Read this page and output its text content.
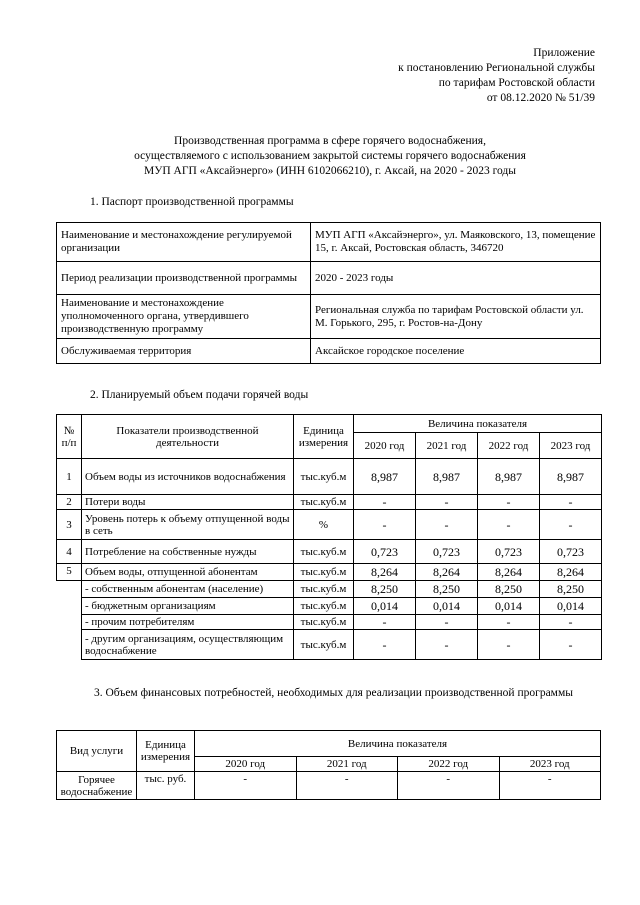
Приложение
к постановлению Региональной службы
по тарифам Ростовской области
от 08.12.2020 № 51/39
Производственная программа в сфере горячего водоснабжения,
осуществляемого с использованием закрытой системы горячего водоснабжения
МУП АГП «Аксайэнерго» (ИНН 6102066210), г. Аксай, на 2020 - 2023 годы
1. Паспорт производственной программы
Наименование и местонахождение регулируемой организации	МУП АГП «Аксайэнерго», ул. Маяковского, 13, помещение 15, г. Аксай, Ростовская область, 346720
Период реализации производственной программы	2020 - 2023 годы
Наименование и местонахождение уполномоченного органа, утвердившего производственную программу	Региональная служба по тарифам Ростовской области ул. М. Горького, 295, г. Ростов-на-Дону
Обслуживаемая территория	Аксайское городское поселение
2. Планируемый объем подачи горячей воды
№ п/п	Показатели производственной деятельности	Единица измерения	Величина показателя			
			2020 год	2021 год	2022 год	2023 год
1	Объем воды из источников водоснабжения	тыс.куб.м	8,987	8,987	8,987	8,987
2	Потери воды	тыс.куб.м	-	-	-	-
3	Уровень потерь к объему отпущенной воды в сеть	%	-	-	-	-
4	Потребление на собственные нужды	тыс.куб.м	0,723	0,723	0,723	0,723
5	Объем воды, отпущенной абонентам	тыс.куб.м	8,264	8,264	8,264	8,264
	- собственным абонентам (население)	тыс.куб.м	8,250	8,250	8,250	8,250
	- бюджетным организациям	тыс.куб.м	0,014	0,014	0,014	0,014
	- прочим потребителям	тыс.куб.м	-	-	-	-
	- другим организациям, осуществляющим водоснабжение	тыс.куб.м	-	-	-	-
3. Объем финансовых потребностей, необходимых для реализации производственной программы
Вид услуги	Единица измерения	Величина показателя			
		2020 год	2021 год	2022 год	2023 год
Горячее водоснабжение	тыс. руб.	-	-	-	-
